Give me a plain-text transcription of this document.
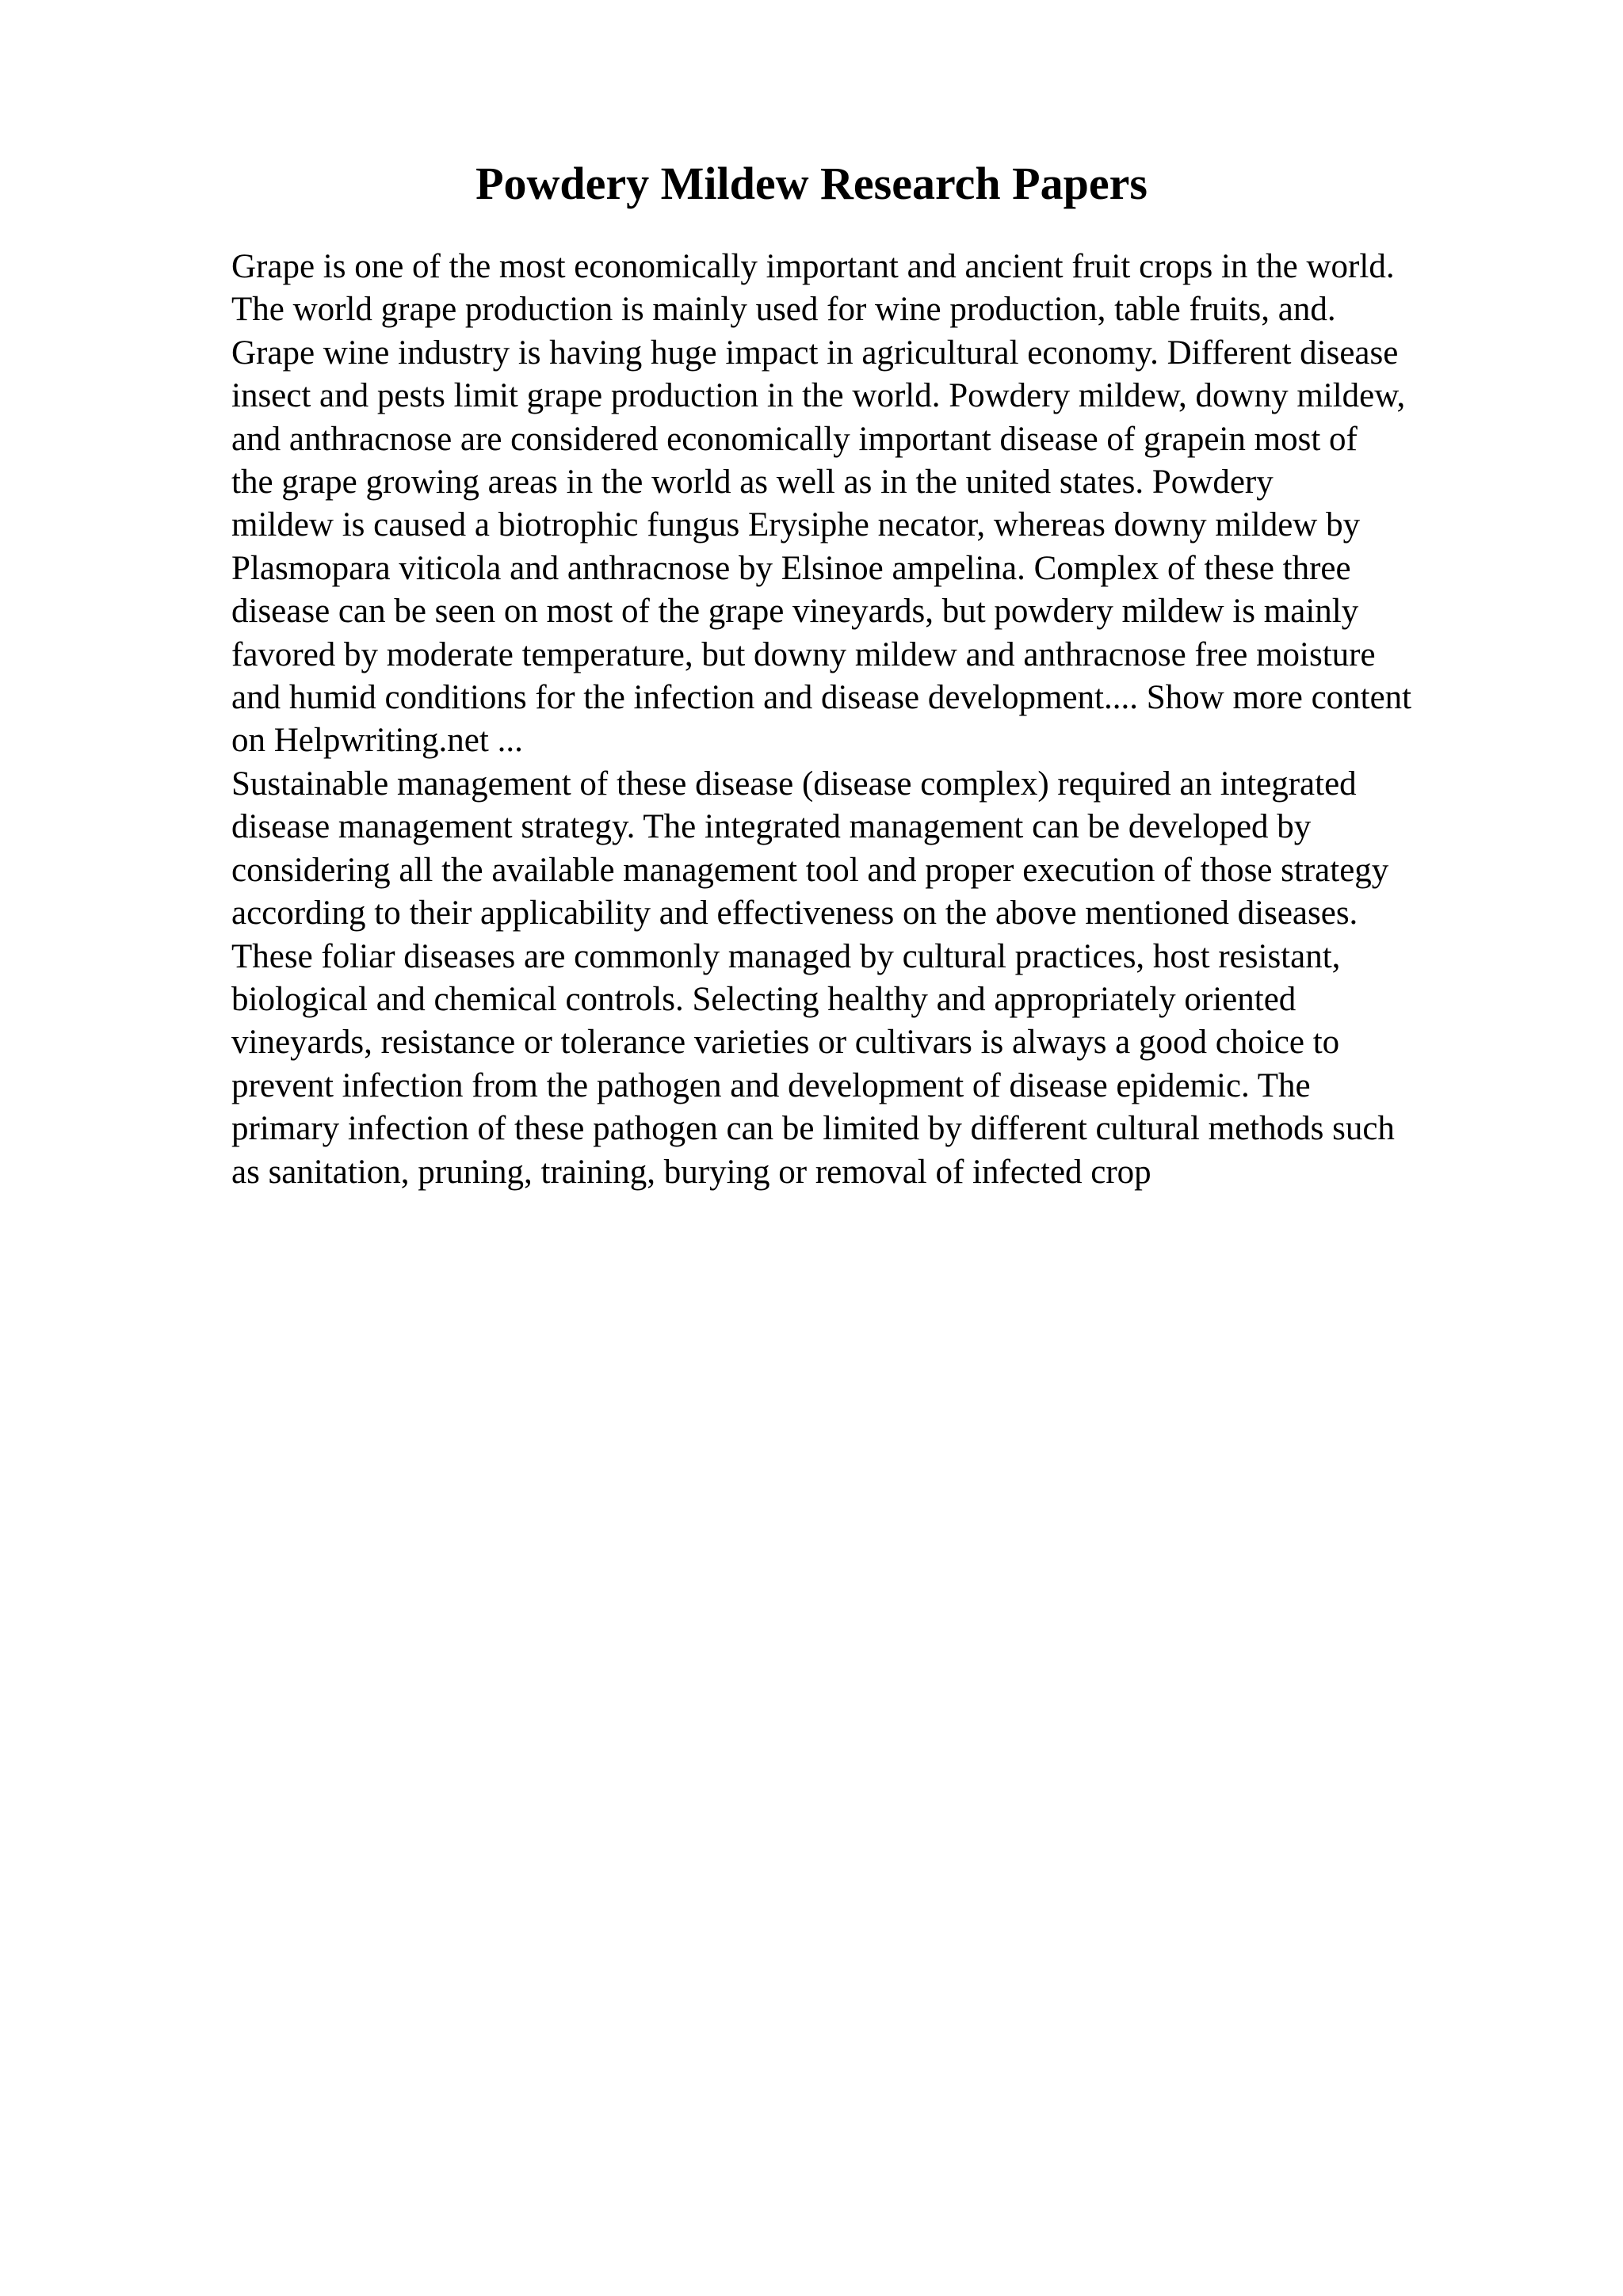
Powdery Mildew Research Papers
Grape is one of the most economically important and ancient fruit crops in the world.
The world grape production is mainly used for wine production, table fruits, and.
Grape wine industry is having huge impact in agricultural economy. Different disease
insect and pests limit grape production in the world. Powdery mildew, downy mildew,
and anthracnose are considered economically important disease of grapein most of
the grape growing areas in the world as well as in the united states. Powdery
mildew is caused a biotrophic fungus Erysiphe necator, whereas downy mildew by
Plasmopara viticola and anthracnose by Elsinoe ampelina. Complex of these three
disease can be seen on most of the grape vineyards, but powdery mildew is mainly
favored by moderate temperature, but downy mildew and anthracnose free moisture
and humid conditions for the infection and disease development.... Show more content
on Helpwriting.net ...
Sustainable management of these disease (disease complex) required an integrated
disease management strategy. The integrated management can be developed by
considering all the available management tool and proper execution of those strategy
according to their applicability and effectiveness on the above mentioned diseases.
These foliar diseases are commonly managed by cultural practices, host resistant,
biological and chemical controls. Selecting healthy and appropriately oriented
vineyards, resistance or tolerance varieties or cultivars is always a good choice to
prevent infection from the pathogen and development of disease epidemic. The
primary infection of these pathogen can be limited by different cultural methods such
as sanitation, pruning, training, burying or removal of infected crop
